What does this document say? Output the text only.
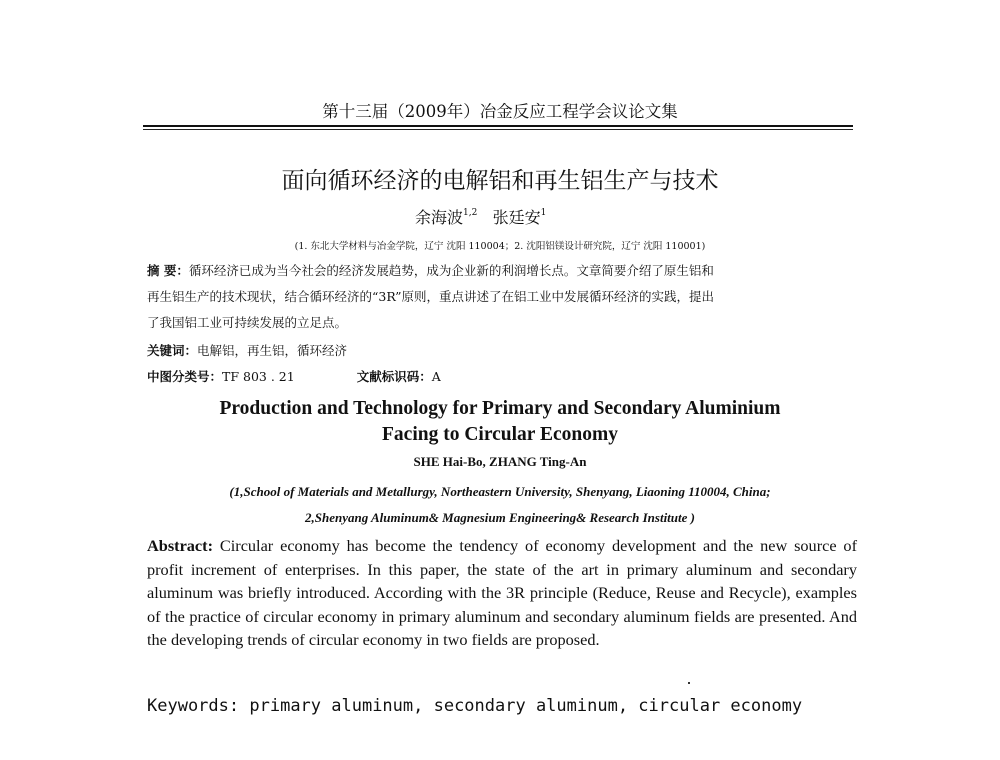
第十三届（2009年）冶金反应工程学会议论文集
面向循环经济的电解铝和再生铝生产与技术
余海波$^{1,2}$ 张廷安$^1$
(1. 东北大学材料与冶金学院，辽宁 沈阳 110004；2. 沈阳铝镁设计研究院，辽宁 沈阳 110001)

摘 要：循环经济已成为当今社会的经济发展趋势，成为企业新的利润增长点。文章简要介绍了原生铝和

再生铝生产的技术现状，结合循环经济的“3R”原则，重点讲述了在铝工业中发展循环经济的实践，提出

了我国铝工业可持续发展的立足点。

关键词：电解铝，再生铝，循环经济
中图分类号：TF 803 . 21	文献标识码：A
Production and Technology for Primary and Secondary Aluminium
Facing to Circular Economy
SHE Hai-Bo, ZHANG Ting-An
(1,School of Materials and Metallurgy, Northeastern University, Shenyang, Liaoning 110004, China;
2,Shenyang Aluminum& Magnesium Engineering& Research Institute )
Abstract: Circular economy has become the tendency of economy development and the new source of profit increment of enterprises. In this paper, the state of the art in primary aluminum and secondary aluminum was briefly introduced. According with the 3R principle (Reduce, Reuse and Recycle), examples of the practice of circular economy in primary aluminum and secondary aluminum fields are presented. And the developing trends of circular economy in two fields are proposed.
Keywords: primary aluminum, secondary aluminum, circular economy
